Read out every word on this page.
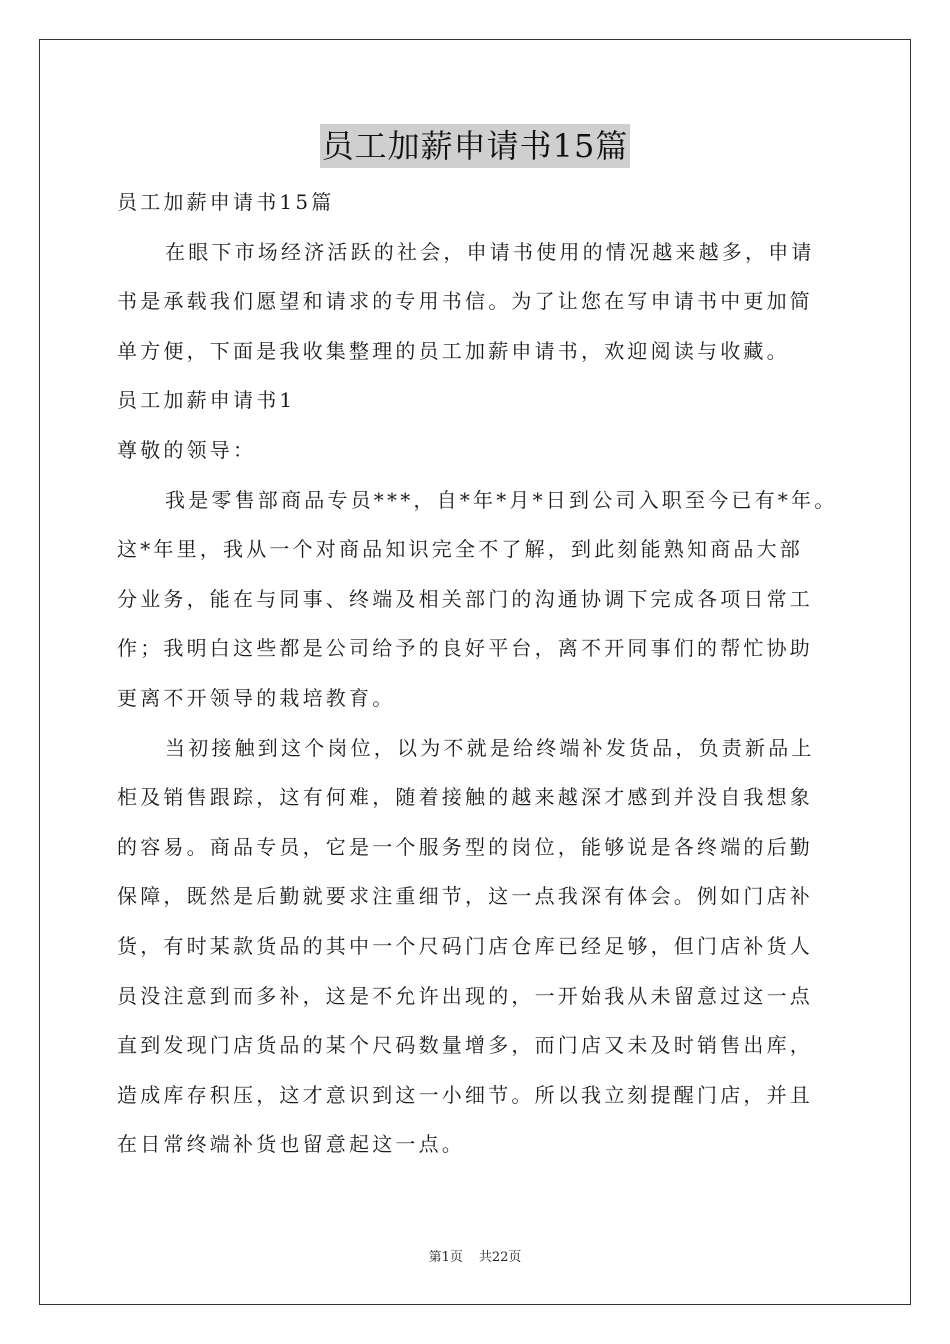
员工加薪申请书15篇

员工加薪申请书15篇

在眼下市场经济活跃的社会，申请书使用的情况越来越多，申请

书是承载我们愿望和请求的专用书信。为了让您在写申请书中更加简

单方便，下面是我收集整理的员工加薪申请书，欢迎阅读与收藏。

员工加薪申请书1

尊敬的领导：

我是零售部商品专员***，自*年*月*日到公司入职至今已有*年。

这*年里，我从一个对商品知识完全不了解，到此刻能熟知商品大部

分业务，能在与同事、终端及相关部门的沟通协调下完成各项日常工

作；我明白这些都是公司给予的良好平台，离不开同事们的帮忙协助

更离不开领导的栽培教育。

当初接触到这个岗位，以为不就是给终端补发货品，负责新品上

柜及销售跟踪，这有何难，随着接触的越来越深才感到并没自我想象

的容易。商品专员，它是一个服务型的岗位，能够说是各终端的后勤

保障，既然是后勤就要求注重细节，这一点我深有体会。例如门店补

货，有时某款货品的其中一个尺码门店仓库已经足够，但门店补货人

员没注意到而多补，这是不允许出现的，一开始我从未留意过这一点

直到发现门店货品的某个尺码数量增多，而门店又未及时销售出库，

造成库存积压，这才意识到这一小细节。所以我立刻提醒门店，并且

在日常终端补货也留意起这一点。

第1页 共22页
